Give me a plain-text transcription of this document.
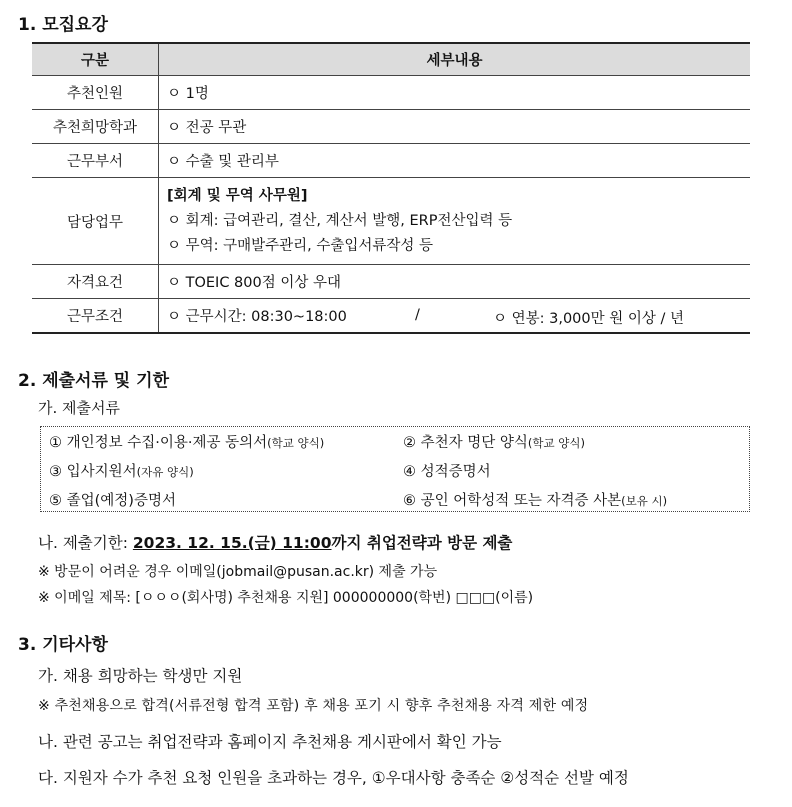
1. 모집요강
구분	세부내용
추천인원	ㅇ 1명
추천희망학과	ㅇ 전공 무관
근무부서	ㅇ 수출 및 관리부
담당업무	[회계 및 무역 사무원]
ㅇ 회계: 급여관리, 결산, 계산서 발행, ERP전산입력 등
ㅇ 무역: 구매발주관리, 수출입서류작성 등

자격요건	ㅇ TOEIC 800점 이상 우대
근무조건	ㅇ 근무시간: 08:30~18:00 / ㅇ 연봉: 3,000만 원 이상 / 년
2. 제출서류 및 기한
가. 제출서류
① 개인정보 수집·이용·제공 동의서(학교 양식)	② 추천자 명단 양식(학교 양식)
③ 입사지원서(자유 양식)	④ 성적증명서
⑤ 졸업(예정)증명서	⑥ 공인 어학성적 또는 자격증 사본(보유 시)
나. 제출기한: 2023. 12. 15.(금) 11:00까지 취업전략과 방문 제출
※ 방문이 어려운 경우 이메일(jobmail@pusan.ac.kr) 제출 가능
※ 이메일 제목: [ㅇㅇㅇ(회사명) 추천채용 지원] 000000000(학번) □□□(이름)
3. 기타사항
가. 채용 희망하는 학생만 지원
※ 추천채용으로 합격(서류전형 합격 포함) 후 채용 포기 시 향후 추천채용 자격 제한 예정
나. 관련 공고는 취업전략과 홈페이지 추천채용 게시판에서 확인 가능
다. 지원자 수가 추천 요청 인원을 초과하는 경우, ①우대사항 충족순 ②성적순 선발 예정
